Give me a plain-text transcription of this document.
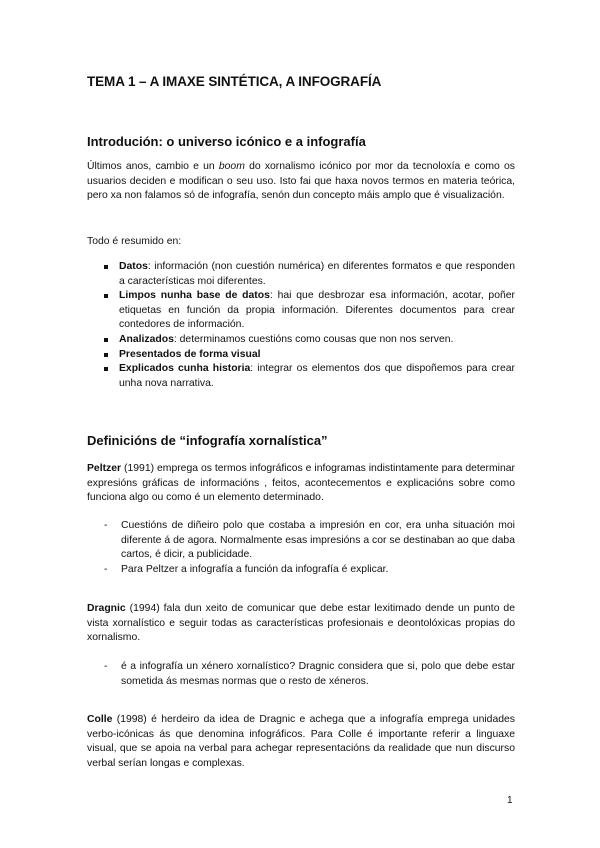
TEMA 1 – A IMAXE SINTÉTICA, A INFOGRAFÍA
Introdución: o universo icónico e a infografía
Últimos anos, cambio e un boom do xornalismo icónico por mor da tecnoloxía e como os usuarios deciden e modifican o seu uso. Isto fai que haxa novos termos en materia teórica, pero xa non falamos só de infografía, senón dun concepto máis amplo que é visualización.
Todo é resumido en:
Datos: información (non cuestión numérica) en diferentes formatos e que responden a características moi diferentes.
Limpos nunha base de datos: hai que desbrozar esa información, acotar, poñer etiquetas en función da propia información. Diferentes documentos para crear contedores de información.
Analizados: determinamos cuestións como cousas que non nos serven.
Presentados de forma visual
Explicados cunha historia: integrar os elementos dos que dispoñemos para crear unha nova narrativa.
Definicións de “infografía xornalística”
Peltzer (1991) emprega os termos infográficos e infogramas indistintamente para determinar expresións gráficas de informacións , feitos, acontecementos e explicacións sobre como funciona algo ou como é un elemento determinado.
- Cuestións de diñeiro polo que costaba a impresión en cor, era unha situación moi diferente á de agora. Normalmente esas impresións a cor se destinaban ao que daba cartos, é dicir, a publicidade.
- Para Peltzer a infografía a función da infografía é explicar.
Dragnic (1994) fala dun xeito de comunicar que debe estar lexitimado dende un punto de vista xornalístico e seguir todas as características profesionais e deontolóxicas propias do xornalismo.
- é a infografía un xénero xornalístico? Dragnic considera que si, polo que debe estar sometida ás mesmas normas que o resto de xéneros.
Colle (1998) é herdeiro da idea de Dragnic e achega que a infografía emprega unidades verbo-icónicas ás que denomina infográficos. Para Colle é importante referir a linguaxe visual, que se apoia na verbal para achegar representacións da realidade que nun discurso verbal serían longas e complexas.
1
